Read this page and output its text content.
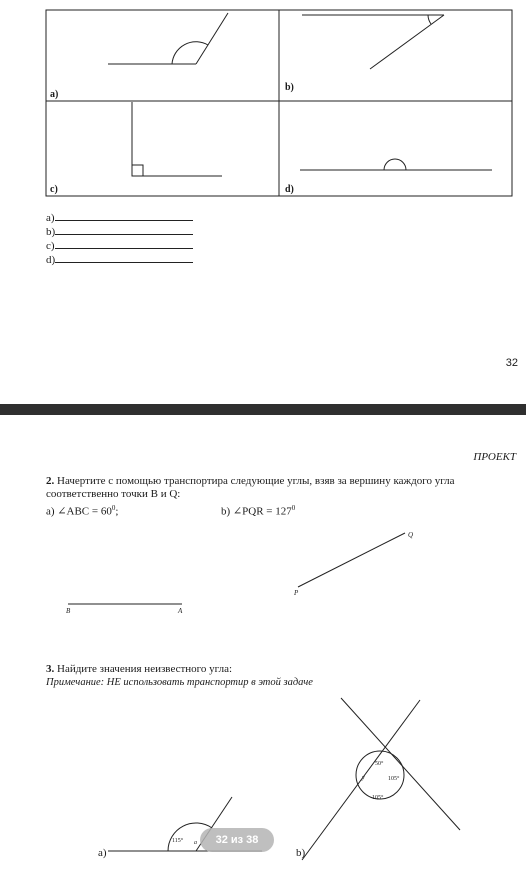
a)
b)
c)	d)
a)
b)
c)
d)
32
ПРОЕКТ
2. Начертите с помощью транспортира следующие углы, взяв за вершину каждого угла
соответственно точки B и Q:
a) ∠ABC = $60^0$;	b) ∠PQR = $127^0$
B	A
P
Q
3. Найдите значения неизвестного угла:
Примечание: НЕ использовать транспортир в этой задаче
a)	b)
115° a
50°
105°
105°
y
32 из 38
